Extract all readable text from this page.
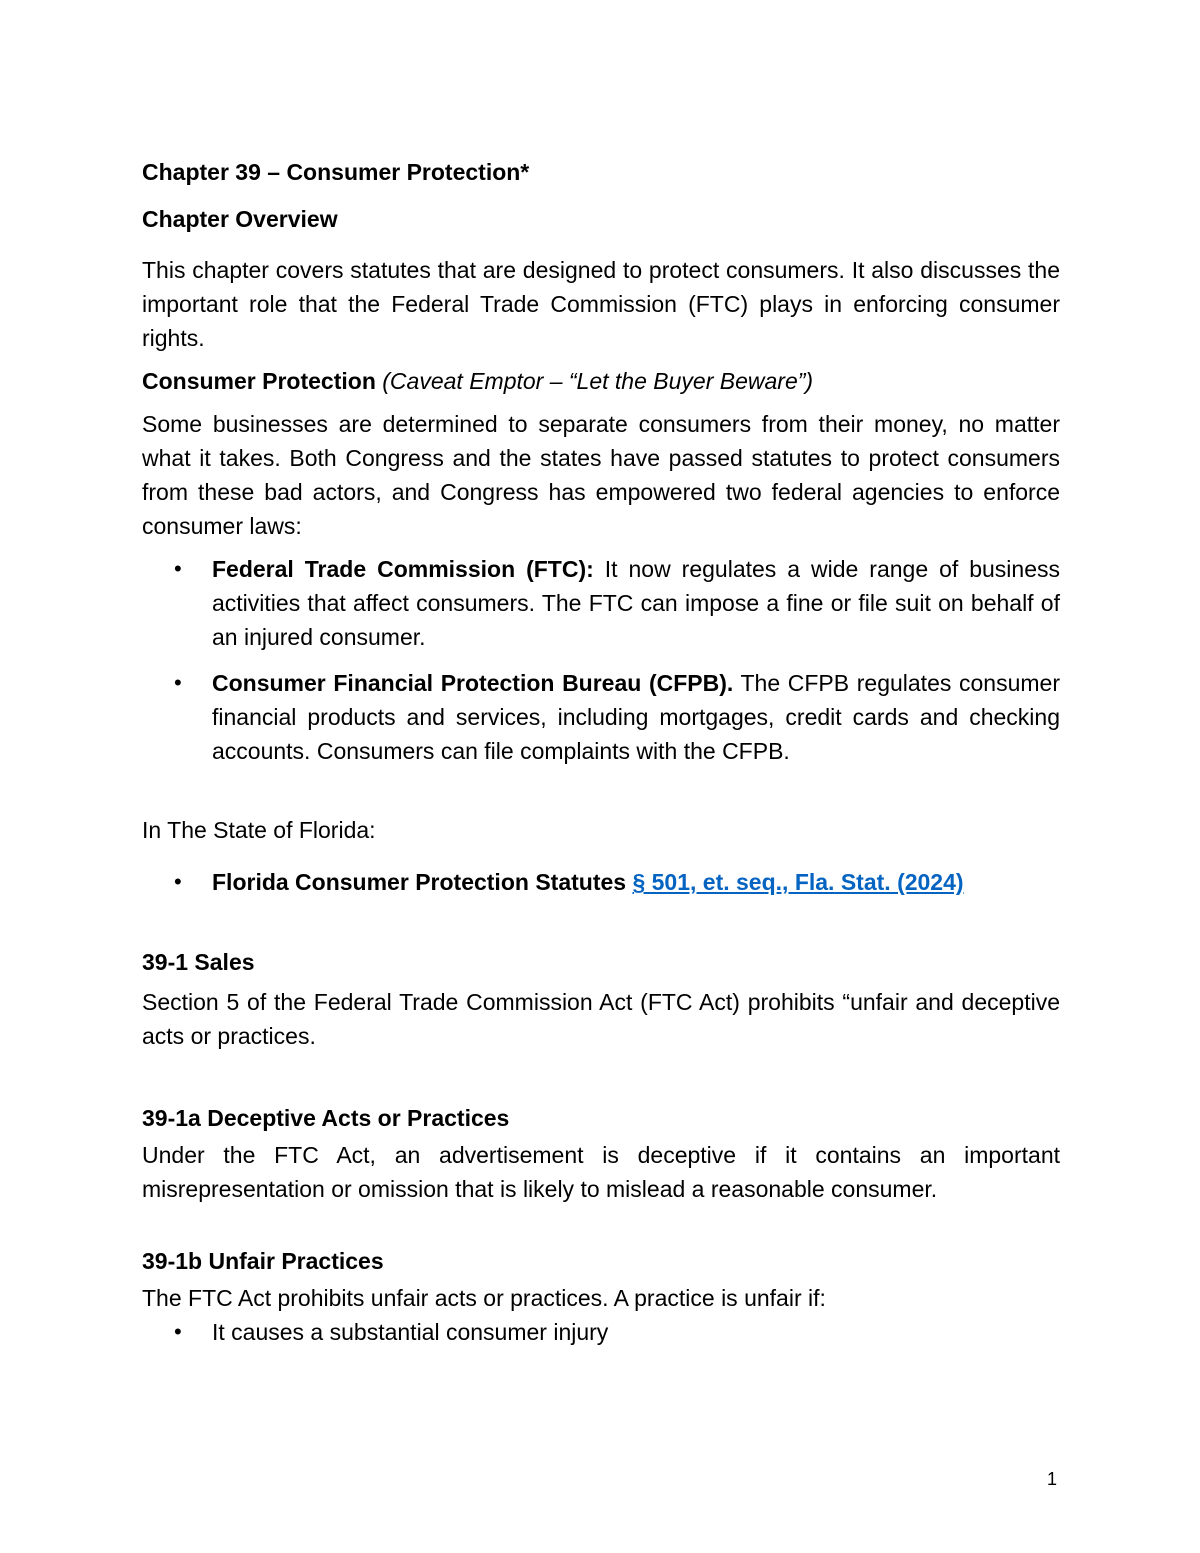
Chapter 39 – Consumer Protection*

Chapter Overview

This chapter covers statutes that are designed to protect consumers. It also discusses the important role that the Federal Trade Commission (FTC) plays in enforcing consumer rights.

Consumer Protection (Caveat Emptor – “Let the Buyer Beware”)

Some businesses are determined to separate consumers from their money, no matter what it takes. Both Congress and the states have passed statutes to protect consumers from these bad actors, and Congress has empowered two federal agencies to enforce consumer laws:

• Federal Trade Commission (FTC): It now regulates a wide range of business activities that affect consumers. The FTC can impose a fine or file suit on behalf of an injured consumer.
• Consumer Financial Protection Bureau (CFPB). The CFPB regulates consumer financial products and services, including mortgages, credit cards and checking accounts. Consumers can file complaints with the CFPB.

In The State of Florida:

• Florida Consumer Protection Statutes § 501, et. seq., Fla. Stat. (2024)

39-1 Sales

Section 5 of the Federal Trade Commission Act (FTC Act) prohibits “unfair and deceptive acts or practices.

39-1a Deceptive Acts or Practices

Under the FTC Act, an advertisement is deceptive if it contains an important misrepresentation or omission that is likely to mislead a reasonable consumer.

39-1b Unfair Practices

The FTC Act prohibits unfair acts or practices. A practice is unfair if:

• It causes a substantial consumer injury
1
